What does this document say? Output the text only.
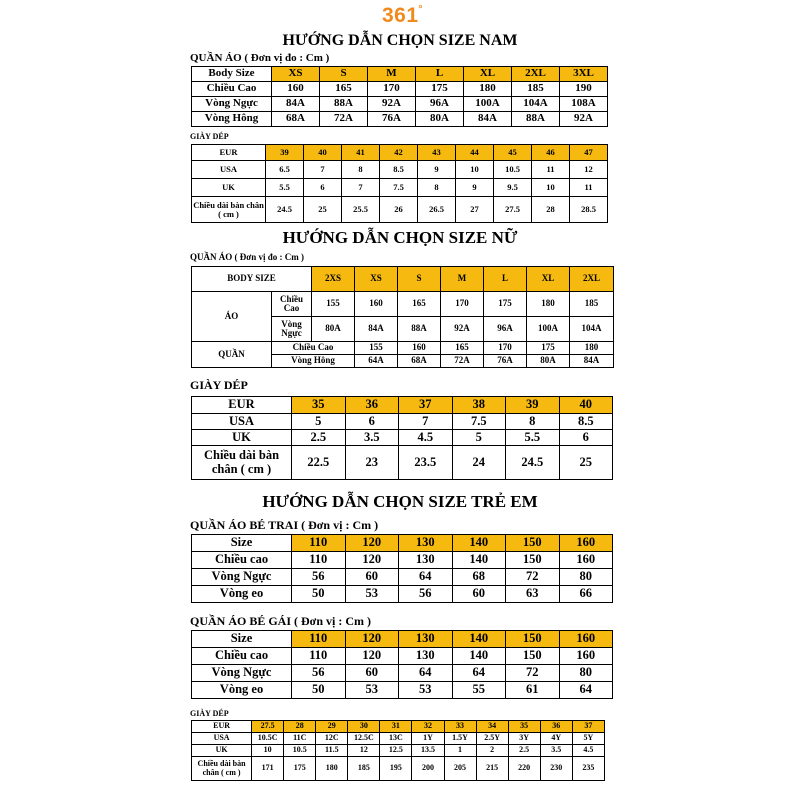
361°
HƯỚNG DẪN CHỌN SIZE NAM
QUẦN ÁO ( Đơn vị đo : Cm )
Body Size	XS	S	M	L	XL	2XL	3XL
Chiều Cao	160	165	170	175	180	185	190
Vòng Ngực	84A	88A	92A	96A	100A	104A	108A
Vòng Hông	68A	72A	76A	80A	84A	88A	92A
GIÀY DÉP
EUR	39	40	41	42	43	44	45	46	47
USA	6.5	7	8	8.5	9	10	10.5	11	12
UK	5.5	6	7	7.5	8	9	9.5	10	11
Chiều dài bàn chân ( cm )	24.5	25	25.5	26	26.5	27	27.5	28	28.5
HƯỚNG DẪN CHỌN SIZE NỮ
QUẦN ÁO ( Đơn vị đo : Cm )
BODY SIZE		2XS	XS	S	M	L	XL	2XL
ÁO	Chiều Cao	155	160	165	170	175	180	185
	Vòng Ngực	80A	84A	88A	92A	96A	100A	104A
QUẦN	Chiều Cao		155	160	165	170	175	180
	Vòng Hông		64A	68A	72A	76A	80A	84A
GIÀY DÉP
EUR	35	36	37	38	39	40
USA	5	6	7	7.5	8	8.5
UK	2.5	3.5	4.5	5	5.5	6
Chiều dài bàn chân ( cm )	22.5	23	23.5	24	24.5	25
HƯỚNG DẪN CHỌN SIZE TRẺ EM
QUẦN ÁO BÉ TRAI ( Đơn vị : Cm )
Size	110	120	130	140	150	160
Chiều cao	110	120	130	140	150	160
Vòng Ngực	56	60	64	68	72	80
Vòng eo	50	53	56	60	63	66
QUẦN ÁO BÉ GÁI ( Đơn vị : Cm )
Size	110	120	130	140	150	160
Chiều cao	110	120	130	140	150	160
Vòng Ngực	56	60	64	64	72	80
Vòng eo	50	53	53	55	61	64
GIÀY DÉP
EUR	27.5	28	29	30	31	32	33	34	35	36	37
USA	10.5C	11C	12C	12.5C	13C	1Y	1.5Y	2.5Y	3Y	4Y	5Y
UK	10	10.5	11.5	12	12.5	13.5	1	2	2.5	3.5	4.5
Chiều dài bàn chân ( cm )	171	175	180	185	195	200	205	215	220	230	235
